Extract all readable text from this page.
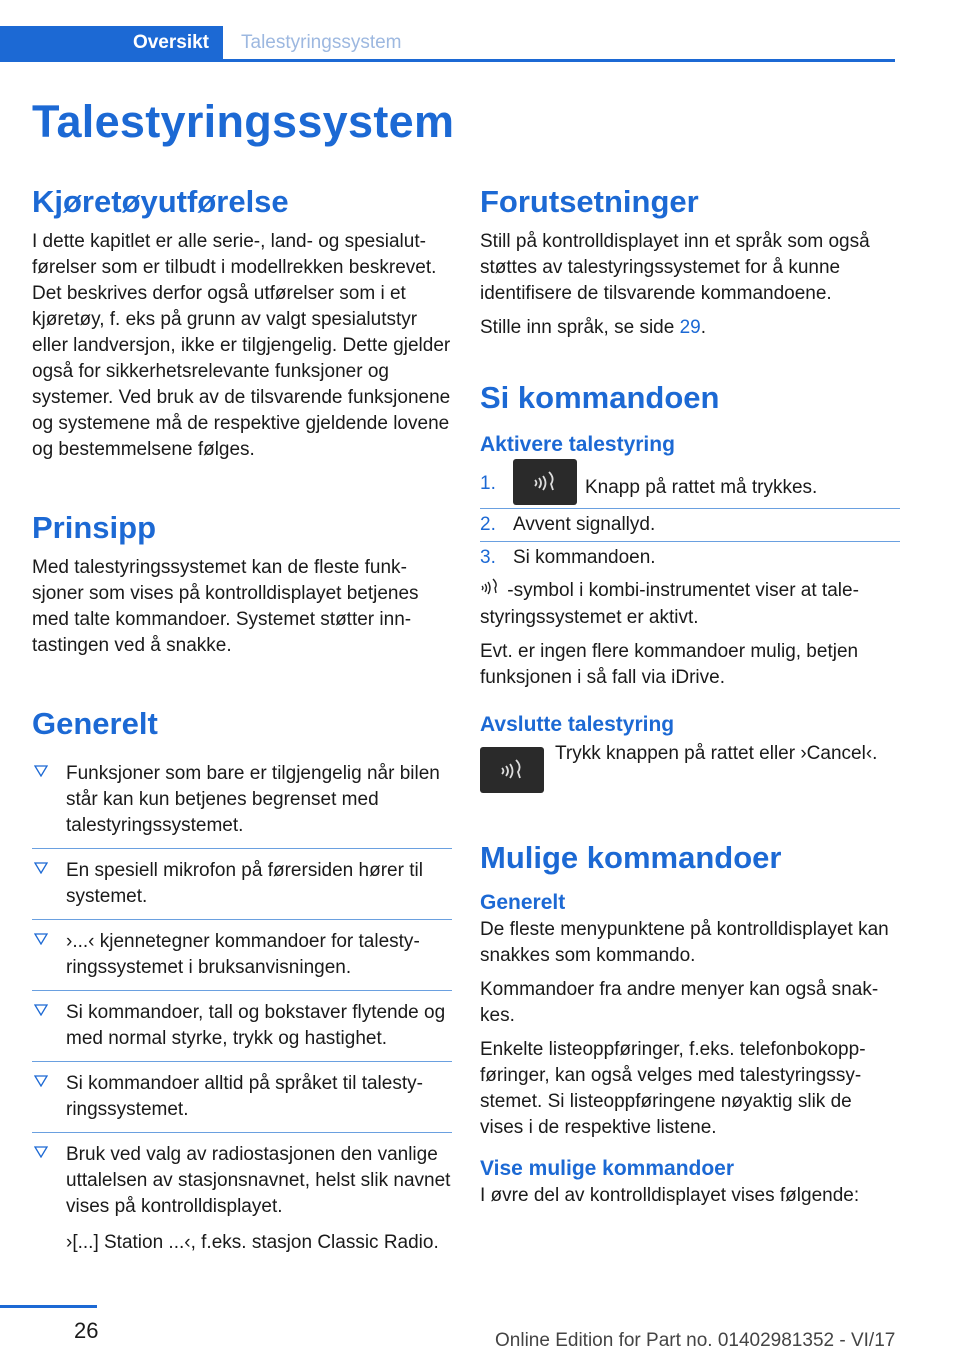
Oversikt Talestyringssystem
Talestyringssystem
Kjøretøyutførelse

I dette kapitlet er alle serie-, land- og spesialutførelser som er tilbudt i modellrekken beskrevet. Det beskrives derfor også utførelser som i et kjøretøy, f. eks på grunn av valgt spesialutstyr eller landversjon, ikke er tilgjengelig. Dette gjelder også for sikkerhetsrelevante funksjoner og systemer. Ved bruk av de tilsvarende funksjonene og systemene må de respektive gjeldende lovene og bestemmelsene følges.

Prinsipp

Med talestyringssystemet kan de fleste funksjoner som vises på kontrolldisplayet betjenes med talte kommandoer. Systemet støtter inntastingen ved å snakke.

Generelt
Funksjoner som bare er tilgjengelig når bilen står kan kun betjenes begrenset med talestyringssystemet.
En spesiell mikrofon på førersiden hører til systemet.
›...‹ kjennetegner kommandoer for talestyringssystemet i bruksanvisningen.
Si kommandoer, tall og bokstaver flytende og med normal styrke, trykk og hastighet.
Si kommandoer alltid på språket til talestyringssystemet.
Bruk ved valg av radiostasjonen den vanlige uttalelsen av stasjonsnavnet, helst slik navnet vises på kontrolldisplayet.

›[...] Station ...‹, f.eks. stasjon Classic Radio.

Forutsetninger

Still på kontrolldisplayet inn et språk som også støttes av talestyringssystemet for å kunne identifisere de tilsvarende kommandoene.

Stille inn språk, se side 29.

Si kommandoen
Aktivere talestyring
1.	Knapp på rattet må trykkes.
2. Avvent signallyd.
3. Si kommandoen.

-symbol i kombi-instrumentet viser at talestyringssystemet er aktivt.

Evt. er ingen flere kommandoer mulig, betjen funksjonen i så fall via iDrive.

Avslutte talestyring

Trykk knappen på rattet eller ›Cancel‹.

Mulige kommandoer
Generelt

De fleste menypunktene på kontrolldisplayet kan snakkes som kommando.

Kommandoer fra andre menyer kan også snakkes.

Enkelte listeoppføringer, f.eks. telefonbokoppføringer, kan også velges med talestyringssystemet. Si listeoppføringene nøyaktig slik de vises i de respektive listene.

Vise mulige kommandoer

I øvre del av kontrolldisplayet vises følgende:

26	Online Edition for Part no. 01402981352 - VI/17
